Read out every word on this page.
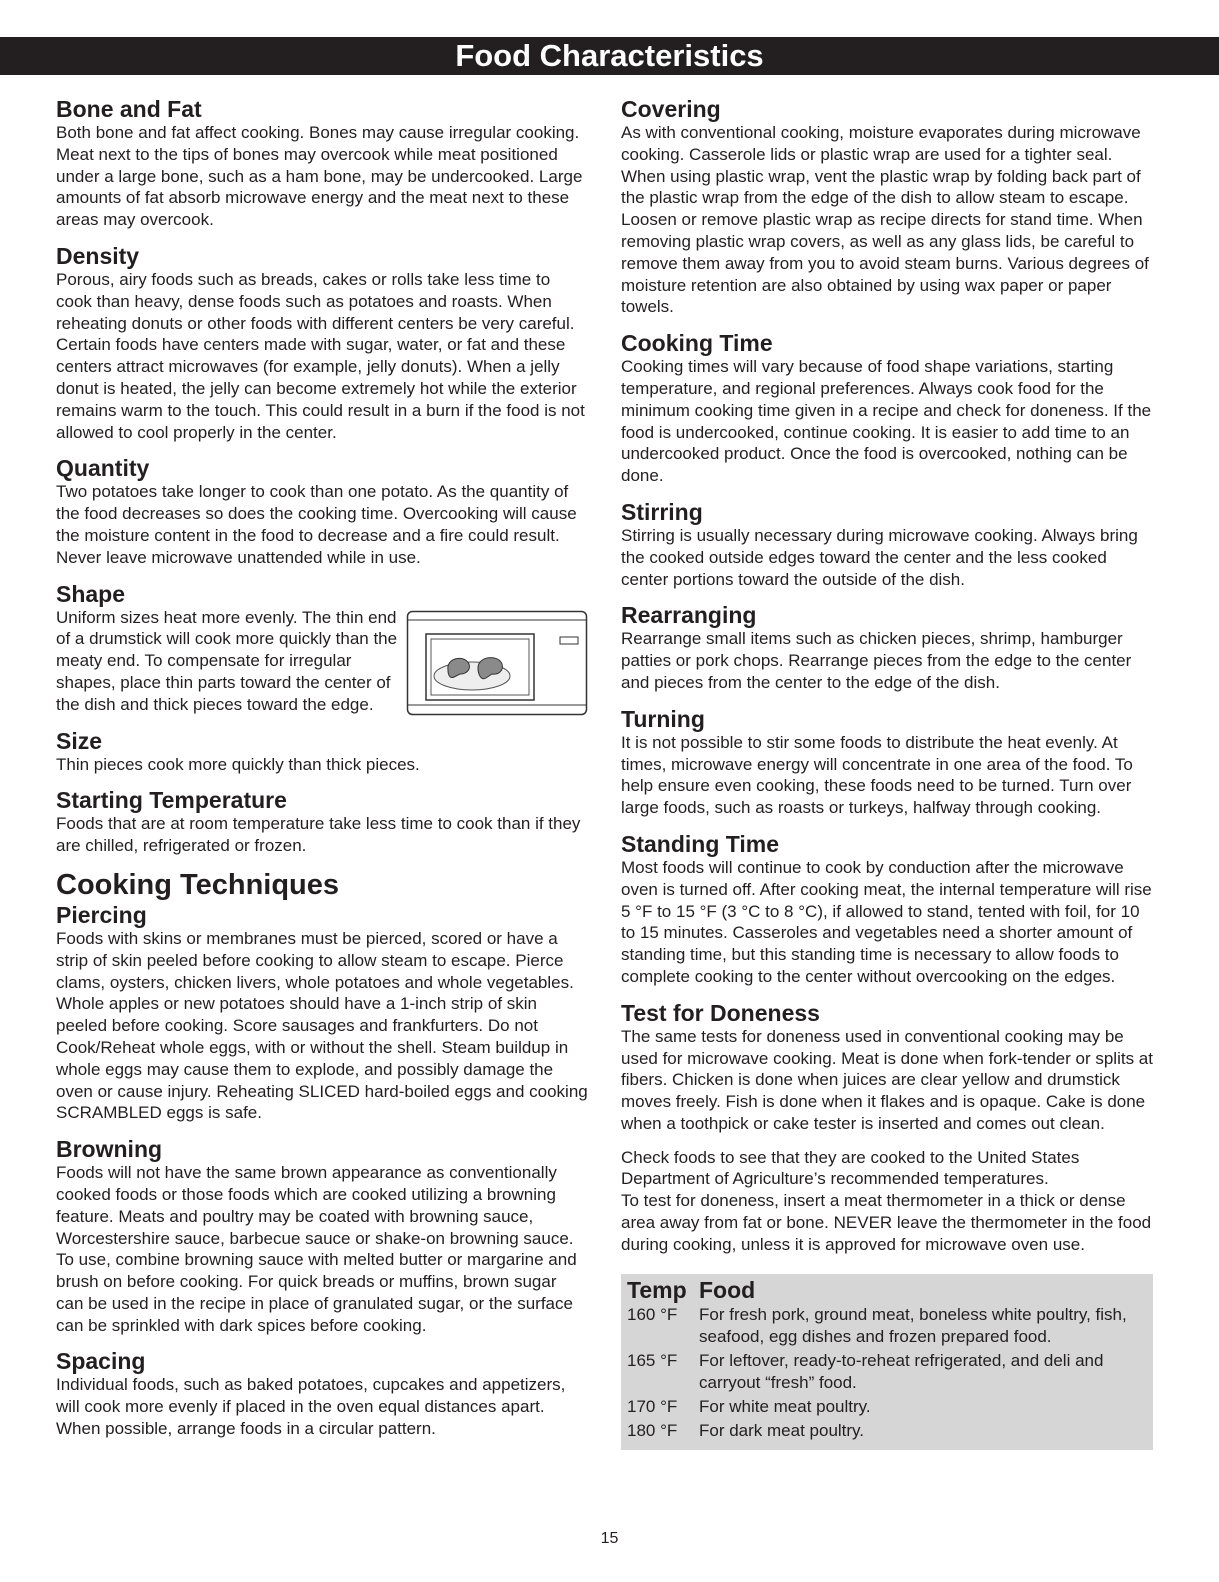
Food Characteristics
Bone and Fat

Both bone and fat affect cooking. Bones may cause irregular cooking. Meat next to the tips of bones may overcook while meat positioned under a large bone, such as a ham bone, may be undercooked. Large amounts of fat absorb microwave energy and the meat next to these areas may overcook.

Density

Porous, airy foods such as breads, cakes or rolls take less time to cook than heavy, dense foods such as potatoes and roasts. When reheating donuts or other foods with different centers be very careful. Certain foods have centers made with sugar, water, or fat and these centers attract microwaves (for example, jelly donuts). When a jelly donut is heated, the jelly can become extremely hot while the exterior remains warm to the touch. This could result in a burn if the food is not allowed to cool properly in the center.

Quantity

Two potatoes take longer to cook than one potato. As the quantity of the food decreases so does the cooking time. Overcooking will cause the moisture content in the food to decrease and a fire could result. Never leave microwave unattended while in use.

Shape

Uniform sizes heat more evenly. The thin end of a drumstick will cook more quickly than the meaty end. To compensate for irregular shapes, place thin parts toward the center of the dish and thick pieces toward the edge.

Size

Thin pieces cook more quickly than thick pieces.

Starting Temperature

Foods that are at room temperature take less time to cook than if they are chilled, refrigerated or frozen.

Cooking Techniques
Piercing

Foods with skins or membranes must be pierced, scored or have a strip of skin peeled before cooking to allow steam to escape. Pierce clams, oysters, chicken livers, whole potatoes and whole vegetables. Whole apples or new potatoes should have a 1-inch strip of skin peeled before cooking. Score sausages and frankfurters. Do not Cook/Reheat whole eggs, with or without the shell. Steam buildup in whole eggs may cause them to explode, and possibly damage the oven or cause injury. Reheating SLICED hard-boiled eggs and cooking SCRAMBLED eggs is safe.

Browning

Foods will not have the same brown appearance as conventionally cooked foods or those foods which are cooked utilizing a browning feature. Meats and poultry may be coated with browning sauce, Worcestershire sauce, barbecue sauce or shake-on browning sauce. To use, combine browning sauce with melted butter or margarine and brush on before cooking. For quick breads or muffins, brown sugar can be used in the recipe in place of granulated sugar, or the surface can be sprinkled with dark spices before cooking.

Spacing

Individual foods, such as baked potatoes, cupcakes and appetizers, will cook more evenly if placed in the oven equal distances apart. When possible, arrange foods in a circular pattern.

Covering

As with conventional cooking, moisture evaporates during microwave cooking. Casserole lids or plastic wrap are used for a tighter seal. When using plastic wrap, vent the plastic wrap by folding back part of the plastic wrap from the edge of the dish to allow steam to escape. Loosen or remove plastic wrap as recipe directs for stand time. When removing plastic wrap covers, as well as any glass lids, be careful to remove them away from you to avoid steam burns. Various degrees of moisture retention are also obtained by using wax paper or paper towels.

Cooking Time

Cooking times will vary because of food shape variations, starting temperature, and regional preferences. Always cook food for the minimum cooking time given in a recipe and check for doneness. If the food is undercooked, continue cooking. It is easier to add time to an undercooked product. Once the food is overcooked, nothing can be done.

Stirring

Stirring is usually necessary during microwave cooking. Always bring the cooked outside edges toward the center and the less cooked center portions toward the outside of the dish.

Rearranging

Rearrange small items such as chicken pieces, shrimp, hamburger patties or pork chops. Rearrange pieces from the edge to the center and pieces from the center to the edge of the dish.

Turning

It is not possible to stir some foods to distribute the heat evenly. At times, microwave energy will concentrate in one area of the food. To help ensure even cooking, these foods need to be turned. Turn over large foods, such as roasts or turkeys, halfway through cooking.

Standing Time

Most foods will continue to cook by conduction after the microwave oven is turned off. After cooking meat, the internal temperature will rise 5 °F to 15 °F (3 °C to 8 °C), if allowed to stand, tented with foil, for 10 to 15 minutes. Casseroles and vegetables need a shorter amount of standing time, but this standing time is necessary to allow foods to complete cooking to the center without overcooking on the edges.

Test for Doneness

The same tests for doneness used in conventional cooking may be used for microwave cooking. Meat is done when fork-tender or splits at fibers. Chicken is done when juices are clear yellow and drumstick moves freely. Fish is done when it flakes and is opaque. Cake is done when a toothpick or cake tester is inserted and comes out clean.

Check foods to see that they are cooked to the United States Department of Agriculture’s recommended temperatures.

To test for doneness, insert a meat thermometer in a thick or dense area away from fat or bone. NEVER leave the thermometer in the food during cooking, unless it is approved for microwave oven use.

Temp Food
160 °F	For fresh pork, ground meat, boneless white poultry, fish, seafood, egg dishes and frozen prepared food.
165 °F	For leftover, ready-to-reheat refrigerated, and deli and carryout “fresh” food.
170 °F	For white meat poultry.
180 °F	For dark meat poultry.
15
